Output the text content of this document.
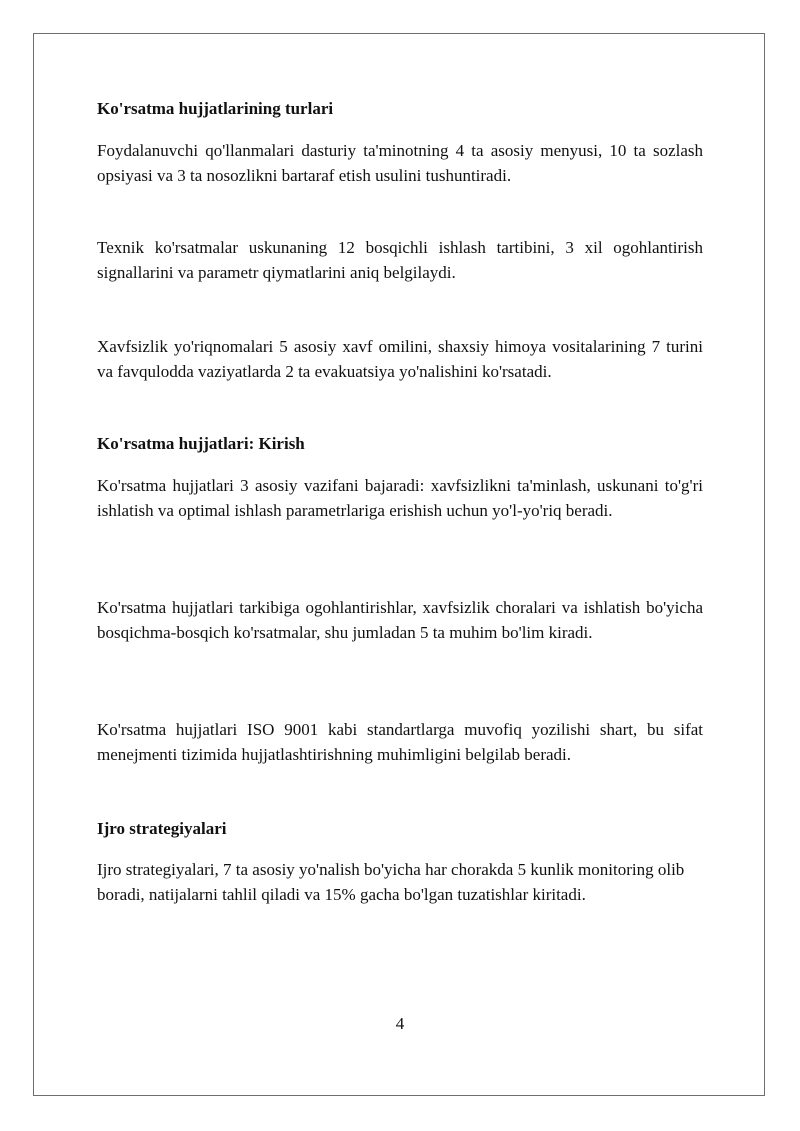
Ko'rsatma hujjatlarining turlari

Foydalanuvchi qo'llanmalari dasturiy ta'minotning 4 ta asosiy menyusi, 10 ta sozlash opsiyasi va 3 ta nosozlikni bartaraf etish usulini tushuntiradi.

Texnik ko'rsatmalar uskunaning 12 bosqichli ishlash tartibini, 3 xil ogohlantirish signallarini va parametr qiymatlarini aniq belgilaydi.

Xavfsizlik yo'riqnomalari 5 asosiy xavf omilini, shaxsiy himoya vositalarining 7 turini va favqulodda vaziyatlarda 2 ta evakuatsiya yo'nalishini ko'rsatadi.

Ko'rsatma hujjatlari: Kirish

Ko'rsatma hujjatlari 3 asosiy vazifani bajaradi: xavfsizlikni ta'minlash, uskunani to'g'ri ishlatish va optimal ishlash parametrlariga erishish uchun yo'l-yo'riq beradi.

Ko'rsatma hujjatlari tarkibiga ogohlantirishlar, xavfsizlik choralari va ishlatish bo'yicha bosqichma-bosqich ko'rsatmalar, shu jumladan 5 ta muhim bo'lim kiradi.

Ko'rsatma hujjatlari ISO 9001 kabi standartlarga muvofiq yozilishi shart, bu sifat menejmenti tizimida hujjatlashtirishning muhimligini belgilab beradi.

Ijro strategiyalari

Ijro strategiyalari, 7 ta asosiy yo'nalish bo'yicha har chorakda 5 kunlik monitoring olib boradi, natijalarni tahlil qiladi va 15% gacha bo'lgan tuzatishlar kiritadi.

4
